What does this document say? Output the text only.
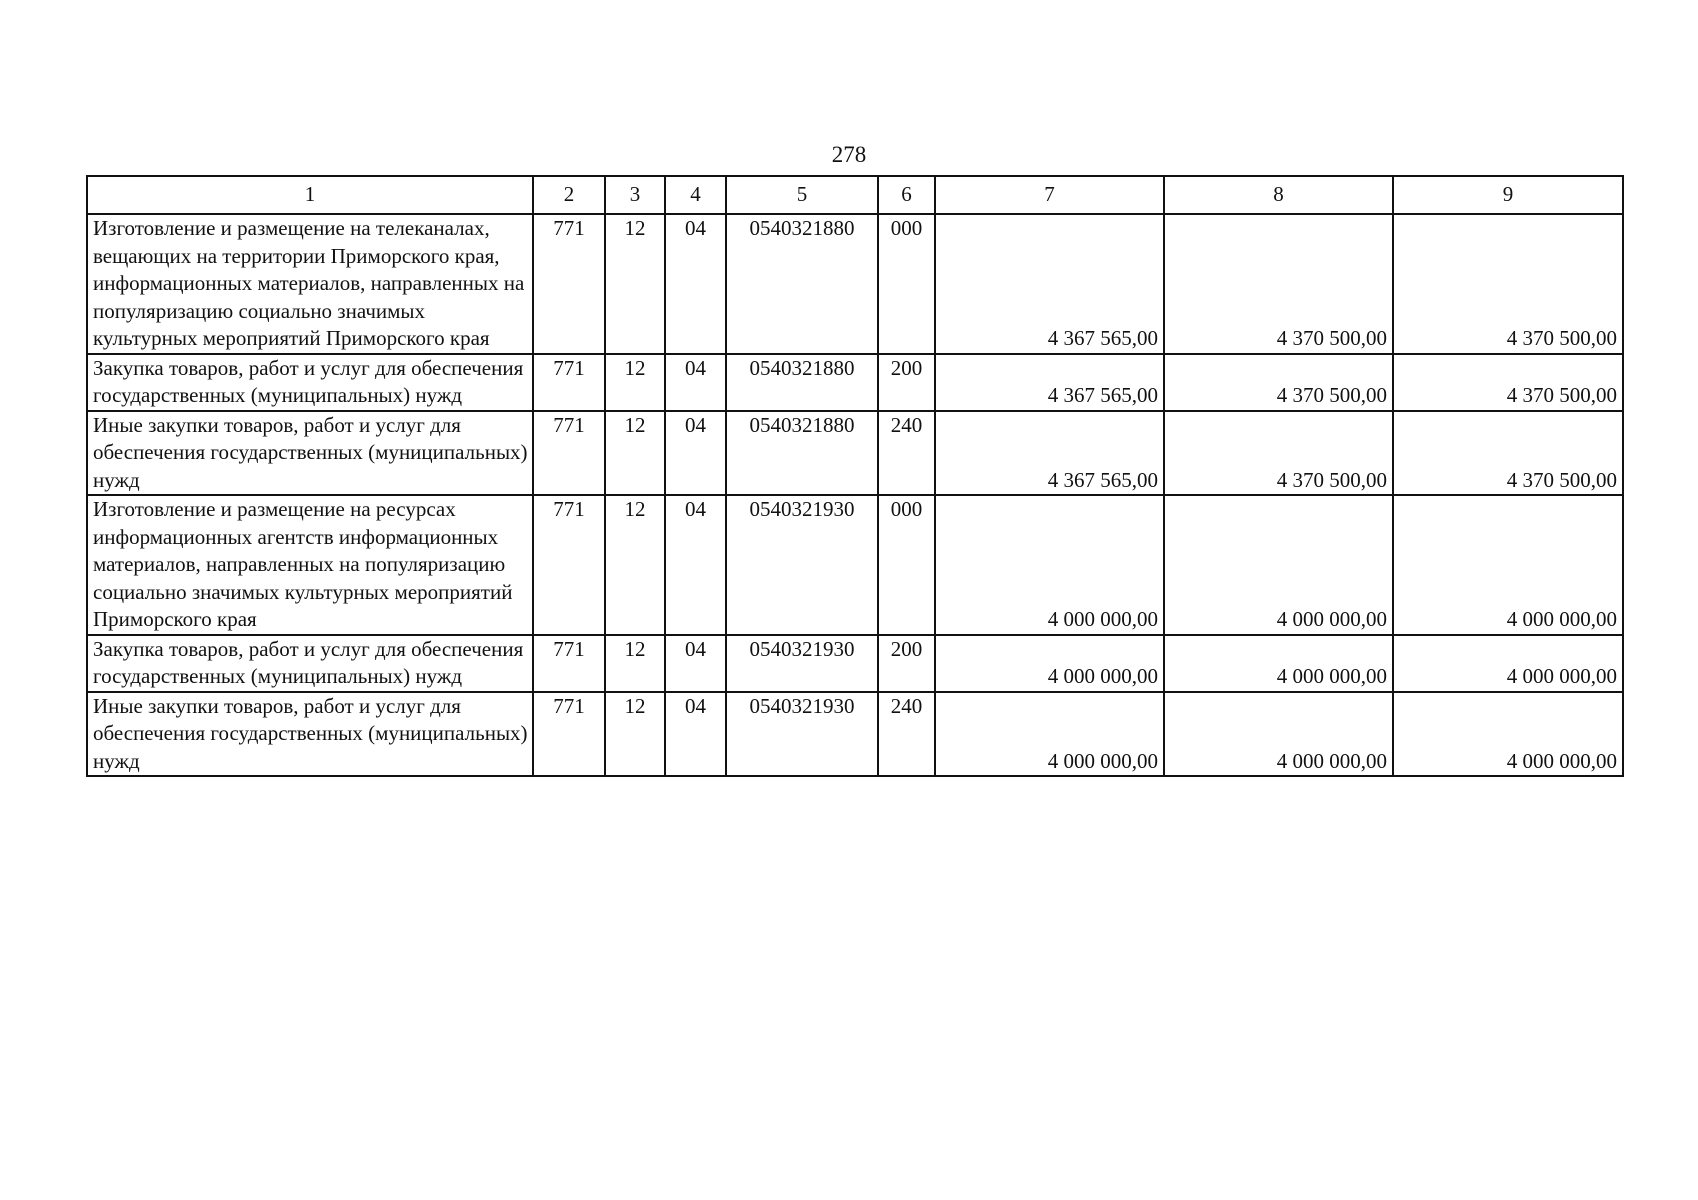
278
1	2	3	4	5	6	7	8	9
Изготовление и размещение на телеканалах, вещающих на территории Приморского края, информационных материалов, направленных на популяризацию социально значимых культурных мероприятий Приморского края	771	12	04	0540321880	000	4 367 565,00	4 370 500,00	4 370 500,00
Закупка товаров, работ и услуг для обеспечения государственных (муниципальных) нужд	771	12	04	0540321880	200	4 367 565,00	4 370 500,00	4 370 500,00
Иные закупки товаров, работ и услуг для обеспечения государственных (муниципальных) нужд	771	12	04	0540321880	240	4 367 565,00	4 370 500,00	4 370 500,00
Изготовление и размещение на ресурсах информационных агентств информационных материалов, направленных на популяризацию социально значимых культурных мероприятий Приморского края	771	12	04	0540321930	000	4 000 000,00	4 000 000,00	4 000 000,00
Закупка товаров, работ и услуг для обеспечения государственных (муниципальных) нужд	771	12	04	0540321930	200	4 000 000,00	4 000 000,00	4 000 000,00
Иные закупки товаров, работ и услуг для обеспечения государственных (муниципальных) нужд	771	12	04	0540321930	240	4 000 000,00	4 000 000,00	4 000 000,00
